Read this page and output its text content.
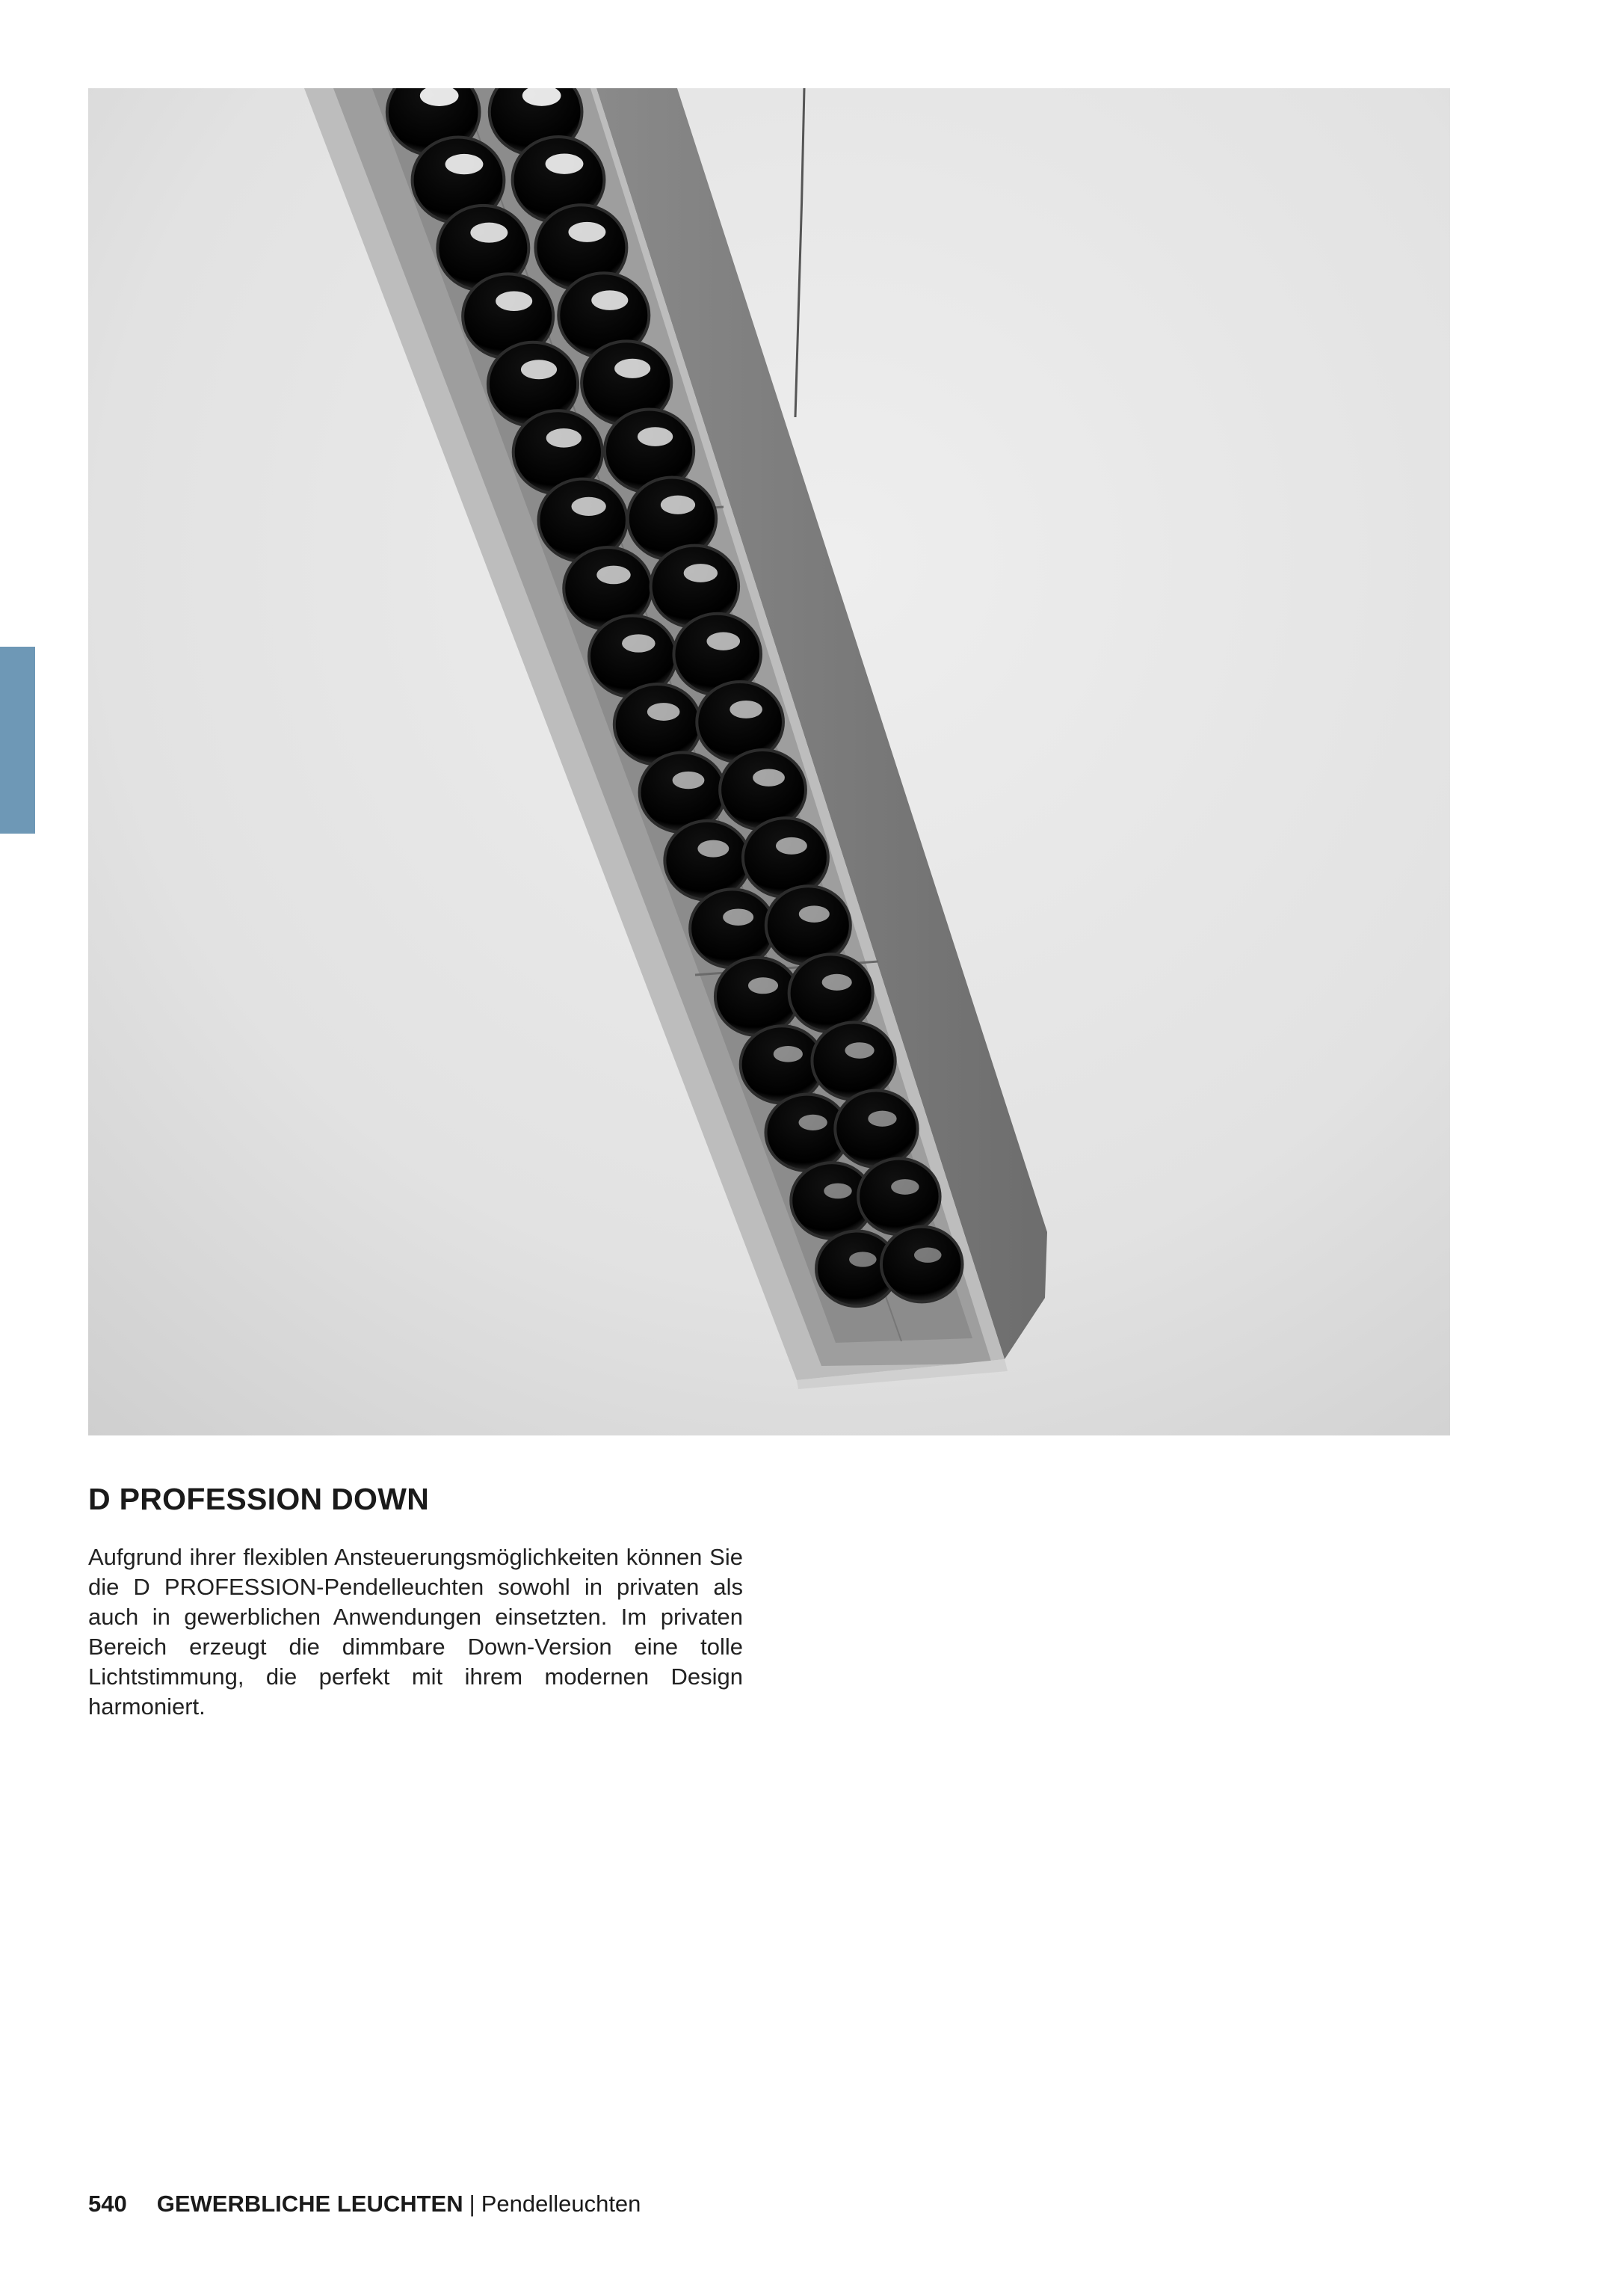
D PROFESSION DOWN

Aufgrund ihrer flexiblen Ansteuerungsmöglichkeiten können Sie die D PROFESSION-Pendelleuchten sowohl in privaten als auch in gewerblichen Anwendungen einsetzten. Im privaten Bereich erzeugt die dimmbare Down-Version eine tolle Lichtstimmung, die perfekt mit ihrem modernen Design harmoniert.

540 GEWERBLICHE LEUCHTEN | Pendelleuchten
